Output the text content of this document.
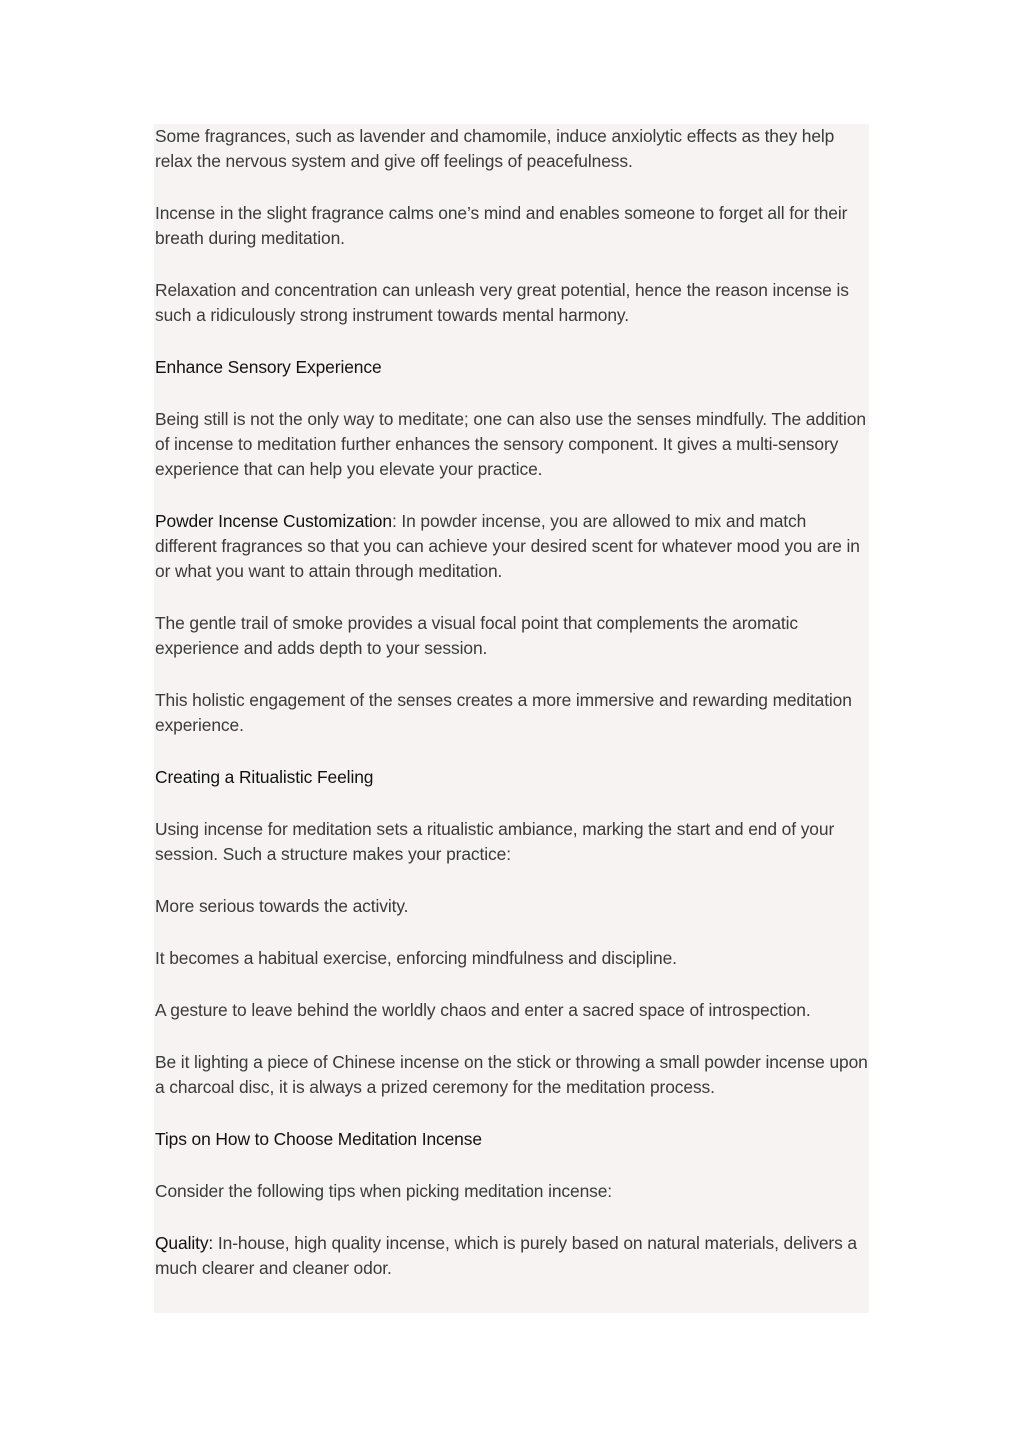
Some fragrances, such as lavender and chamomile, induce anxiolytic effects as they help relax the nervous system and give off feelings of peacefulness.

Incense in the slight fragrance calms one’s mind and enables someone to forget all for their breath during meditation.

Relaxation and concentration can unleash very great potential, hence the reason incense is such a ridiculously strong instrument towards mental harmony.

Enhance Sensory Experience

Being still is not the only way to meditate; one can also use the senses mindfully. The addition of incense to meditation further enhances the sensory component. It gives a multi-sensory experience that can help you elevate your practice.

Powder Incense Customization: In powder incense, you are allowed to mix and match different fragrances so that you can achieve your desired scent for whatever mood you are in or what you want to attain through meditation.

The gentle trail of smoke provides a visual focal point that complements the aromatic experience and adds depth to your session.

This holistic engagement of the senses creates a more immersive and rewarding meditation experience.

Creating a Ritualistic Feeling

Using incense for meditation sets a ritualistic ambiance, marking the start and end of your session. Such a structure makes your practice:

More serious towards the activity.

It becomes a habitual exercise, enforcing mindfulness and discipline.

A gesture to leave behind the worldly chaos and enter a sacred space of introspection.

Be it lighting a piece of Chinese incense on the stick or throwing a small powder incense upon a charcoal disc, it is always a prized ceremony for the meditation process.

Tips on How to Choose Meditation Incense

Consider the following tips when picking meditation incense:

Quality: In-house, high quality incense, which is purely based on natural materials, delivers a much clearer and cleaner odor.
